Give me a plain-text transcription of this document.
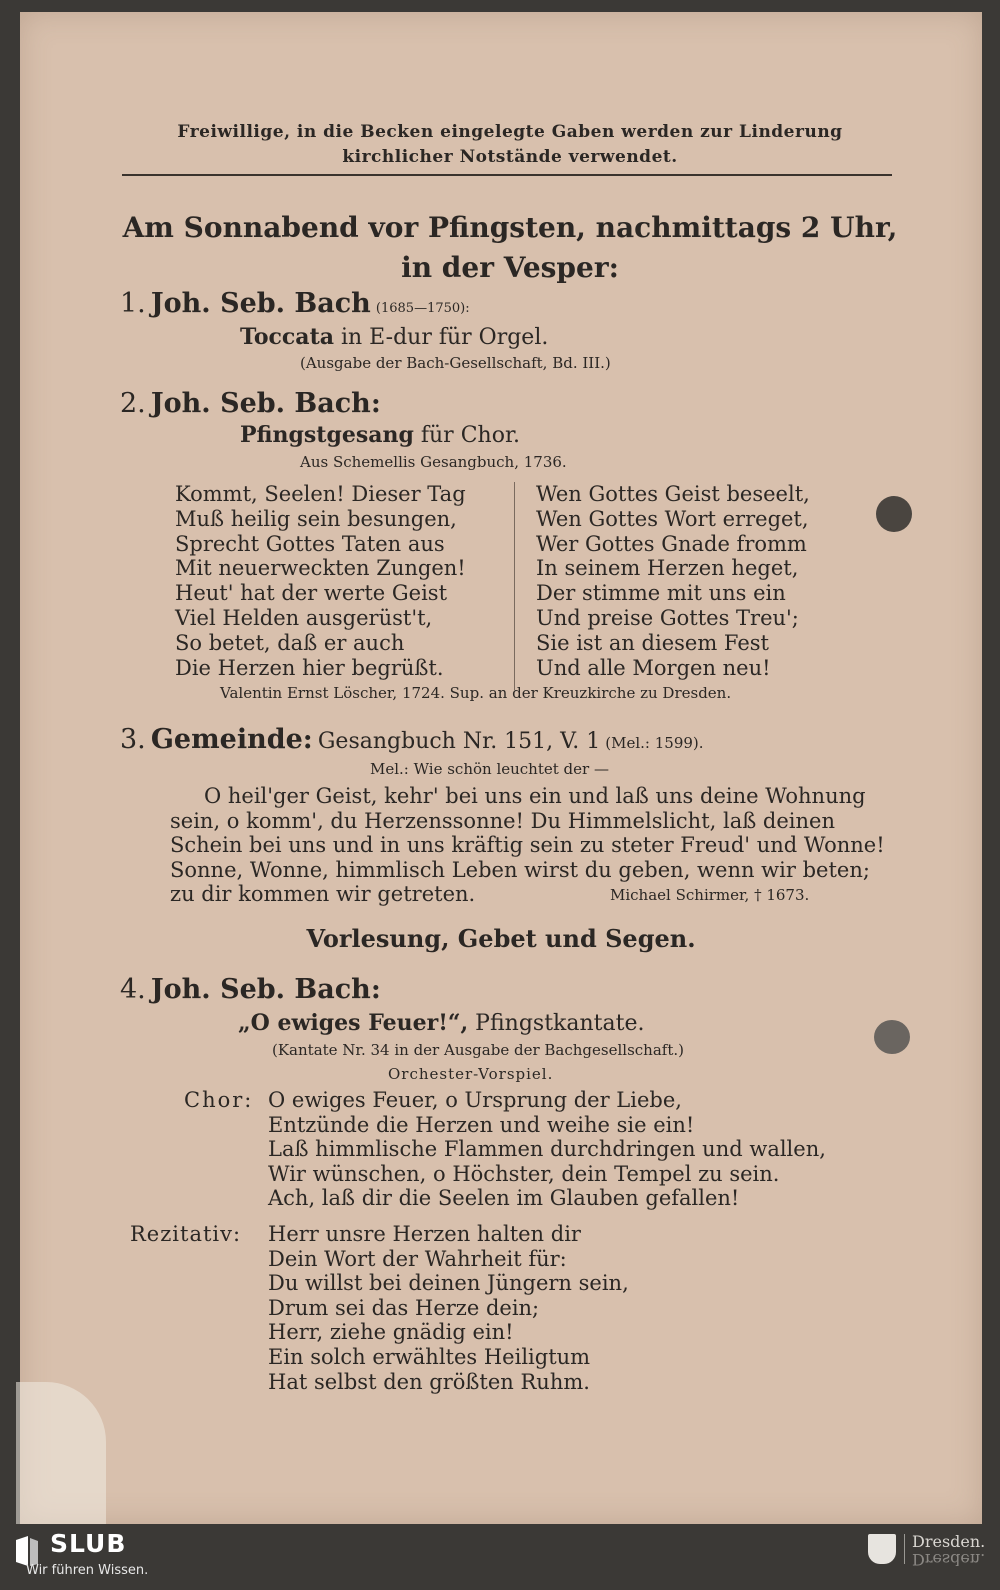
Freiwillige, in die Becken eingelegte Gaben werden zur Linderung
kirchlicher Notstände verwendet.
Am Sonnabend vor Pfingsten, nachmittags 2 Uhr,
in der Vesper:
1. Joh. Seb. Bach (1685—1750):
Toccata in E-dur für Orgel.
(Ausgabe der Bach-Gesellschaft, Bd. III.)
2. Joh. Seb. Bach:
Pfingstgesang für Chor.
Aus Schemellis Gesangbuch, 1736.
Kommt, Seelen! Dieser Tag
Muß heilig sein besungen,
Sprecht Gottes Taten aus
Mit neuerweckten Zungen!
Heut' hat der werte Geist
Viel Helden ausgerüst't,
So betet, daß er auch
Die Herzen hier begrüßt.
Wen Gottes Geist beseelt,
Wen Gottes Wort erreget,
Wer Gottes Gnade fromm
In seinem Herzen heget,
Der stimme mit uns ein
Und preise Gottes Treu';
Sie ist an diesem Fest
Und alle Morgen neu!
Valentin Ernst Löscher, 1724. Sup. an der Kreuzkirche zu Dresden.
3. Gemeinde: Gesangbuch Nr. 151, V. 1 (Mel.: 1599).
Mel.: Wie schön leuchtet der —
O heil'ger Geist, kehr' bei uns ein und laß uns deine Wohnung
sein, o komm', du Herzenssonne! Du Himmelslicht, laß deinen
Schein bei uns und in uns kräftig sein zu steter Freud' und Wonne!
Sonne, Wonne, himmlisch Leben wirst du geben, wenn wir beten;
zu dir kommen wir getreten.	Michael Schirmer, † 1673.
Vorlesung, Gebet und Segen.
4. Joh. Seb. Bach:
„O ewiges Feuer!“, Pfingstkantate.
(Kantate Nr. 34 in der Ausgabe der Bachgesellschaft.)
Orchester-Vorspiel.
Chor: O ewiges Feuer, o Ursprung der Liebe,
Entzünde die Herzen und weihe sie ein!
Laß himmlische Flammen durchdringen und wallen,
Wir wünschen, o Höchster, dein Tempel zu sein.
Ach, laß dir die Seelen im Glauben gefallen!
Rezitativ: Herr unsre Herzen halten dir
Dein Wort der Wahrheit für:
Du willst bei deinen Jüngern sein,
Drum sei das Herze dein;
Herr, ziehe gnädig ein!
Ein solch erwähltes Heiligtum
Hat selbst den größten Ruhm.
SLUB
Wir führen Wissen.
Dresden.
Dresden.
